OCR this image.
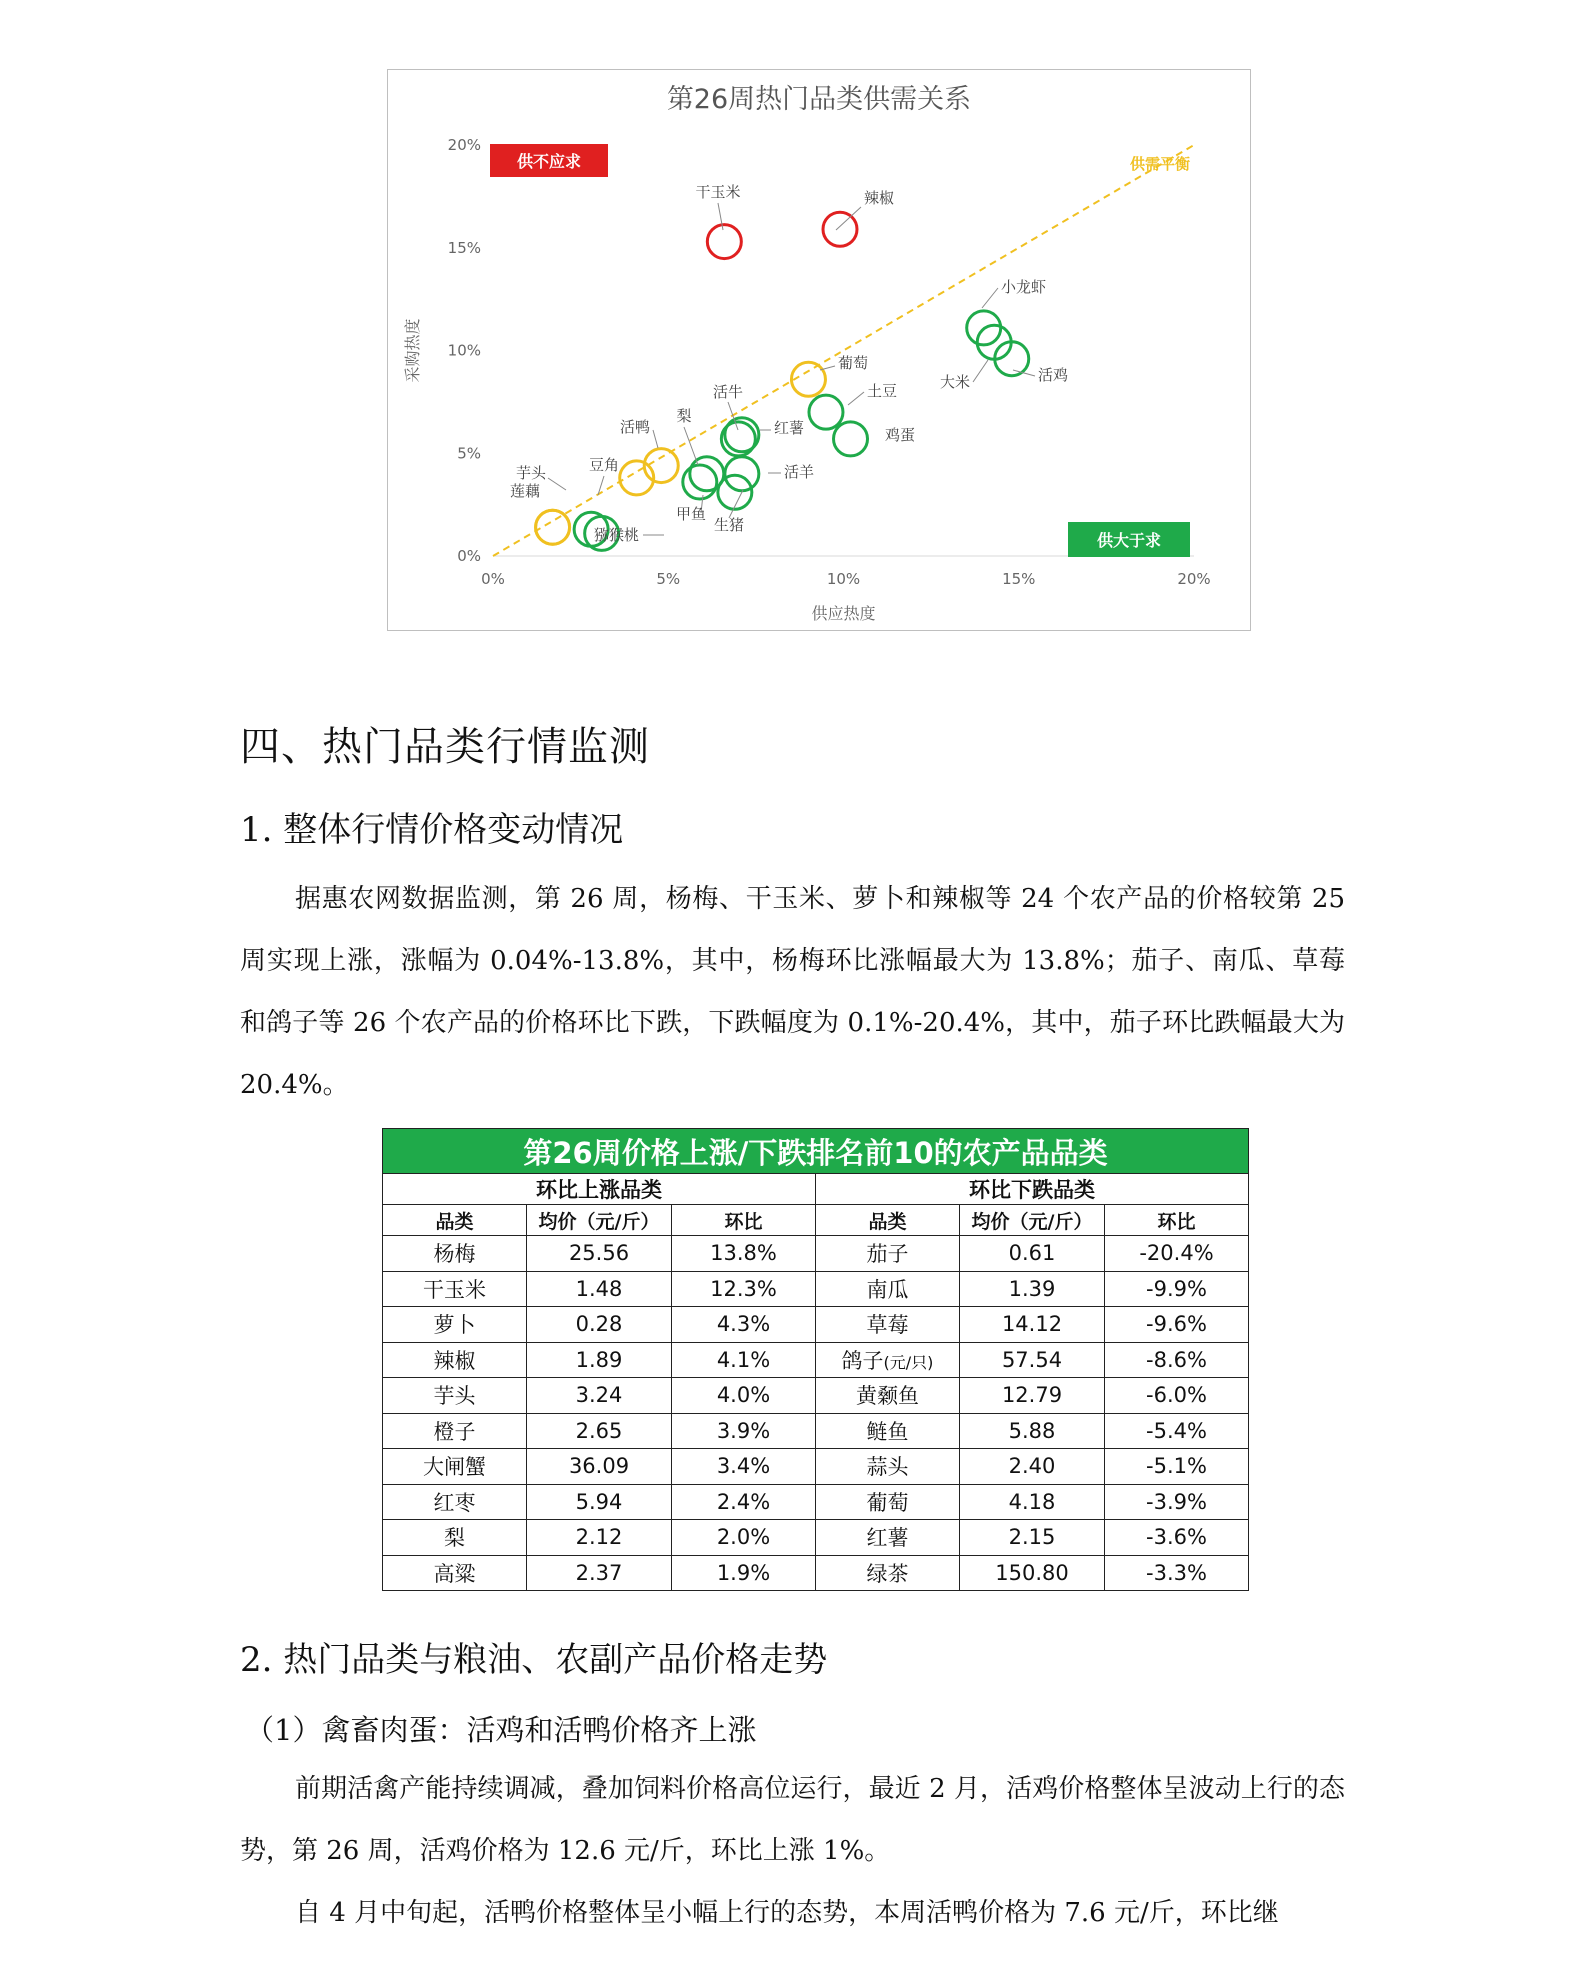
第26周热门品类供需关系
0%
0%
5%
5%
10%
10%
15%
15%
20%
20%
供应热度
采购热度
供需平衡
供不应求
供大于求
干玉米	辣椒
小龙虾
活鸡
大米
葡萄
土豆
鸡蛋
活牛
红薯
活羊
梨
甲鱼
生猪
活鸭
豆角
芋头
莲藕
猕猴桃
四、热门品类行情监测
1. 整体行情价格变动情况
据惠农网数据监测，第 26 周，杨梅、干玉米、萝卜和辣椒等 24 个农产品的价格较第 25 周实现上涨，涨幅为 0.04%-13.8%，其中，杨梅环比涨幅最大为 13.8%；茄子、南瓜、草莓和鸽子等 26 个农产品的价格环比下跌，下跌幅度为 0.1%-20.4%，其中，茄子环比跌幅最大为 20.4%。
第26周价格上涨/下跌排名前10的农产品品类					
环比上涨品类			环比下跌品类		
品类	均价（元/斤）	环比	品类	均价（元/斤）	环比
杨梅	25.56	13.8%	茄子	0.61	-20.4%
干玉米	1.48	12.3%	南瓜	1.39	-9.9%
萝卜	0.28	4.3%	草莓	14.12	-9.6%
辣椒	1.89	4.1%	鸽子(元/只)	57.54	-8.6%
芋头	3.24	4.0%	黄颡鱼	12.79	-6.0%
橙子	2.65	3.9%	鲢鱼	5.88	-5.4%
大闸蟹	36.09	3.4%	蒜头	2.40	-5.1%
红枣	5.94	2.4%	葡萄	4.18	-3.9%
梨	2.12	2.0%	红薯	2.15	-3.6%
高粱	2.37	1.9%	绿茶	150.80	-3.3%
2. 热门品类与粮油、农副产品价格走势
（1）禽畜肉蛋：活鸡和活鸭价格齐上涨
前期活禽产能持续调减，叠加饲料价格高位运行，最近 2 月，活鸡价格整体呈波动上行的态势，第 26 周，活鸡价格为 12.6 元/斤，环比上涨 1%。
自 4 月中旬起，活鸭价格整体呈小幅上行的态势，本周活鸭价格为 7.6 元/斤，环比继
